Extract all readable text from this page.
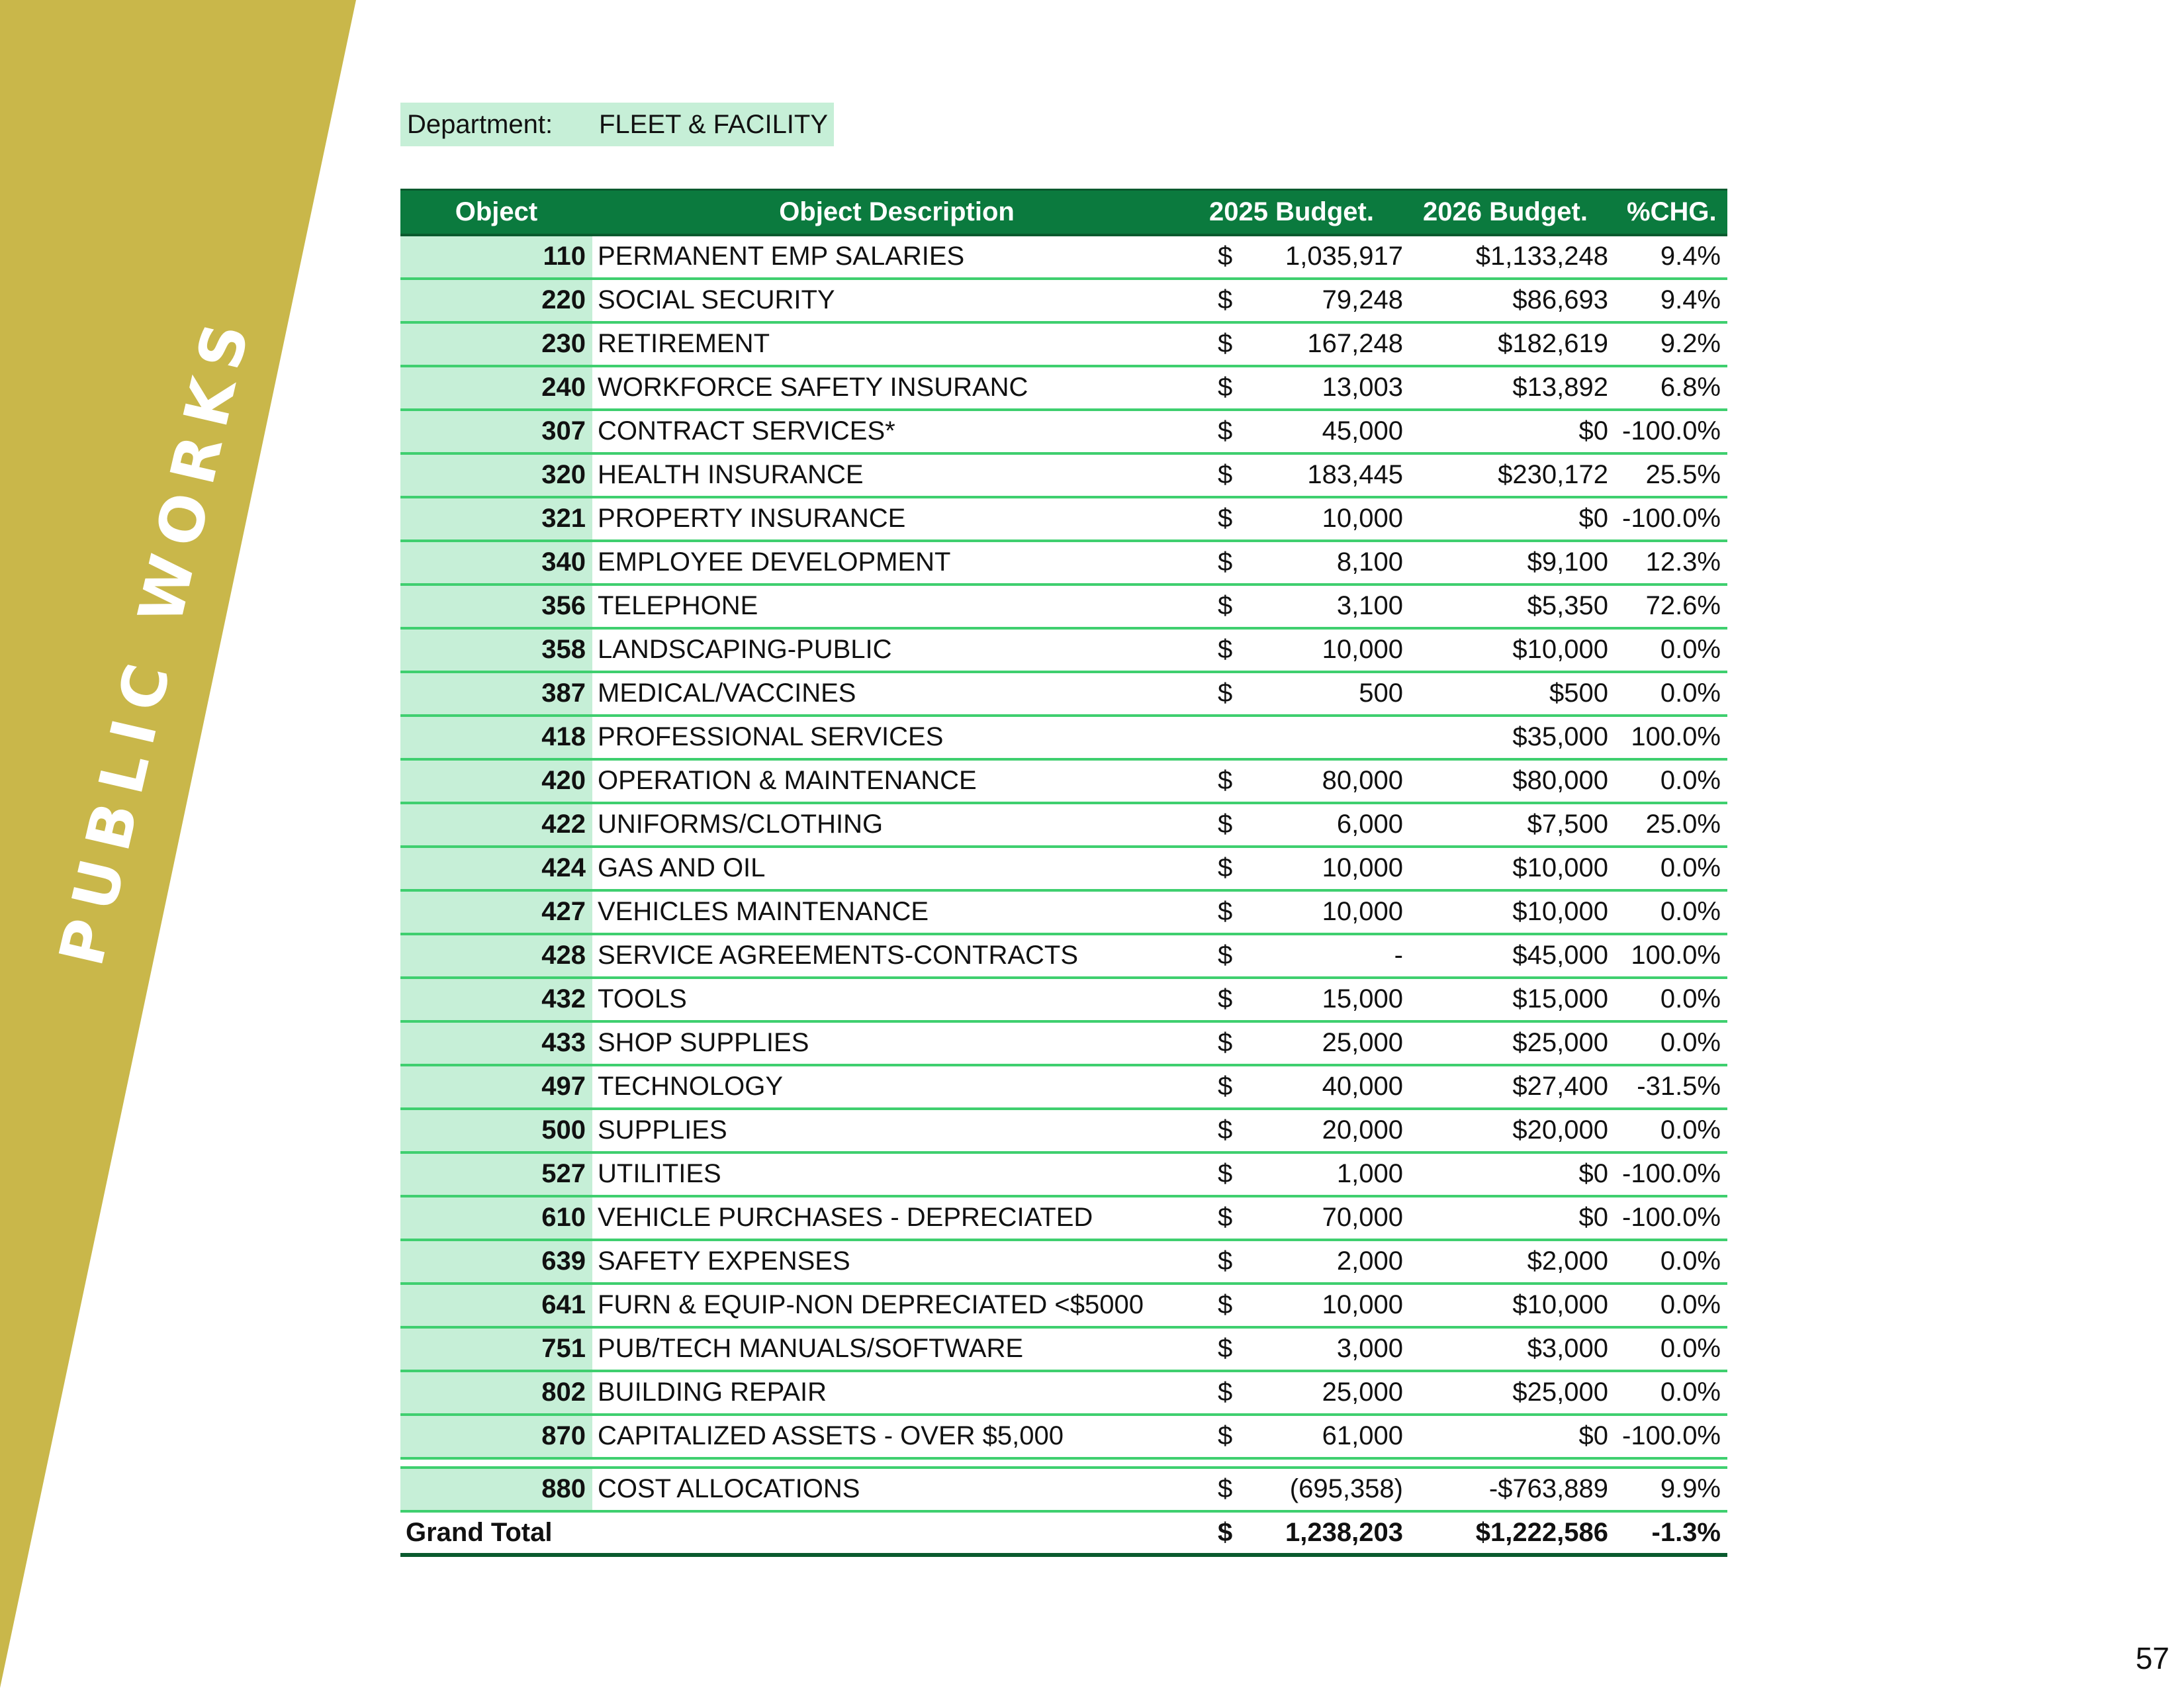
PUBLIC WORKS
Department:	FLEET & FACILITY
Object	Object Description	2025 Budget.		2026 Budget.	%CHG.
110	PERMANENT EMP SALARIES	$	1,035,917	$1,133,248	9.4%
220	SOCIAL SECURITY	$	79,248	$86,693	9.4%
230	RETIREMENT	$	167,248	$182,619	9.2%
240	WORKFORCE SAFETY INSURANC	$	13,003	$13,892	6.8%
307	CONTRACT SERVICES*	$	45,000	$0	-100.0%
320	HEALTH INSURANCE	$	183,445	$230,172	25.5%
321	PROPERTY INSURANCE	$	10,000	$0	-100.0%
340	EMPLOYEE DEVELOPMENT	$	8,100	$9,100	12.3%
356	TELEPHONE	$	3,100	$5,350	72.6%
358	LANDSCAPING-PUBLIC	$	10,000	$10,000	0.0%
387	MEDICAL/VACCINES	$	500	$500	0.0%
418	PROFESSIONAL SERVICES			$35,000	100.0%
420	OPERATION & MAINTENANCE	$	80,000	$80,000	0.0%
422	UNIFORMS/CLOTHING	$	6,000	$7,500	25.0%
424	GAS AND OIL	$	10,000	$10,000	0.0%
427	VEHICLES MAINTENANCE	$	10,000	$10,000	0.0%
428	SERVICE AGREEMENTS-CONTRACTS	$	-	$45,000	100.0%
432	TOOLS	$	15,000	$15,000	0.0%
433	SHOP SUPPLIES	$	25,000	$25,000	0.0%
497	TECHNOLOGY	$	40,000	$27,400	-31.5%
500	SUPPLIES	$	20,000	$20,000	0.0%
527	UTILITIES	$	1,000	$0	-100.0%
610	VEHICLE PURCHASES - DEPRECIATED	$	70,000	$0	-100.0%
639	SAFETY EXPENSES	$	2,000	$2,000	0.0%
641	FURN & EQUIP-NON DEPRECIATED <$5000	$	10,000	$10,000	0.0%
751	PUB/TECH MANUALS/SOFTWARE	$	3,000	$3,000	0.0%
802	BUILDING REPAIR	$	25,000	$25,000	0.0%
870	CAPITALIZED ASSETS - OVER $5,000	$	61,000	$0	-100.0%

880	COST ALLOCATIONS	$	(695,358)	-$763,889	9.9%
Grand Total		$	1,238,203	$1,222,586	-1.3%
57
